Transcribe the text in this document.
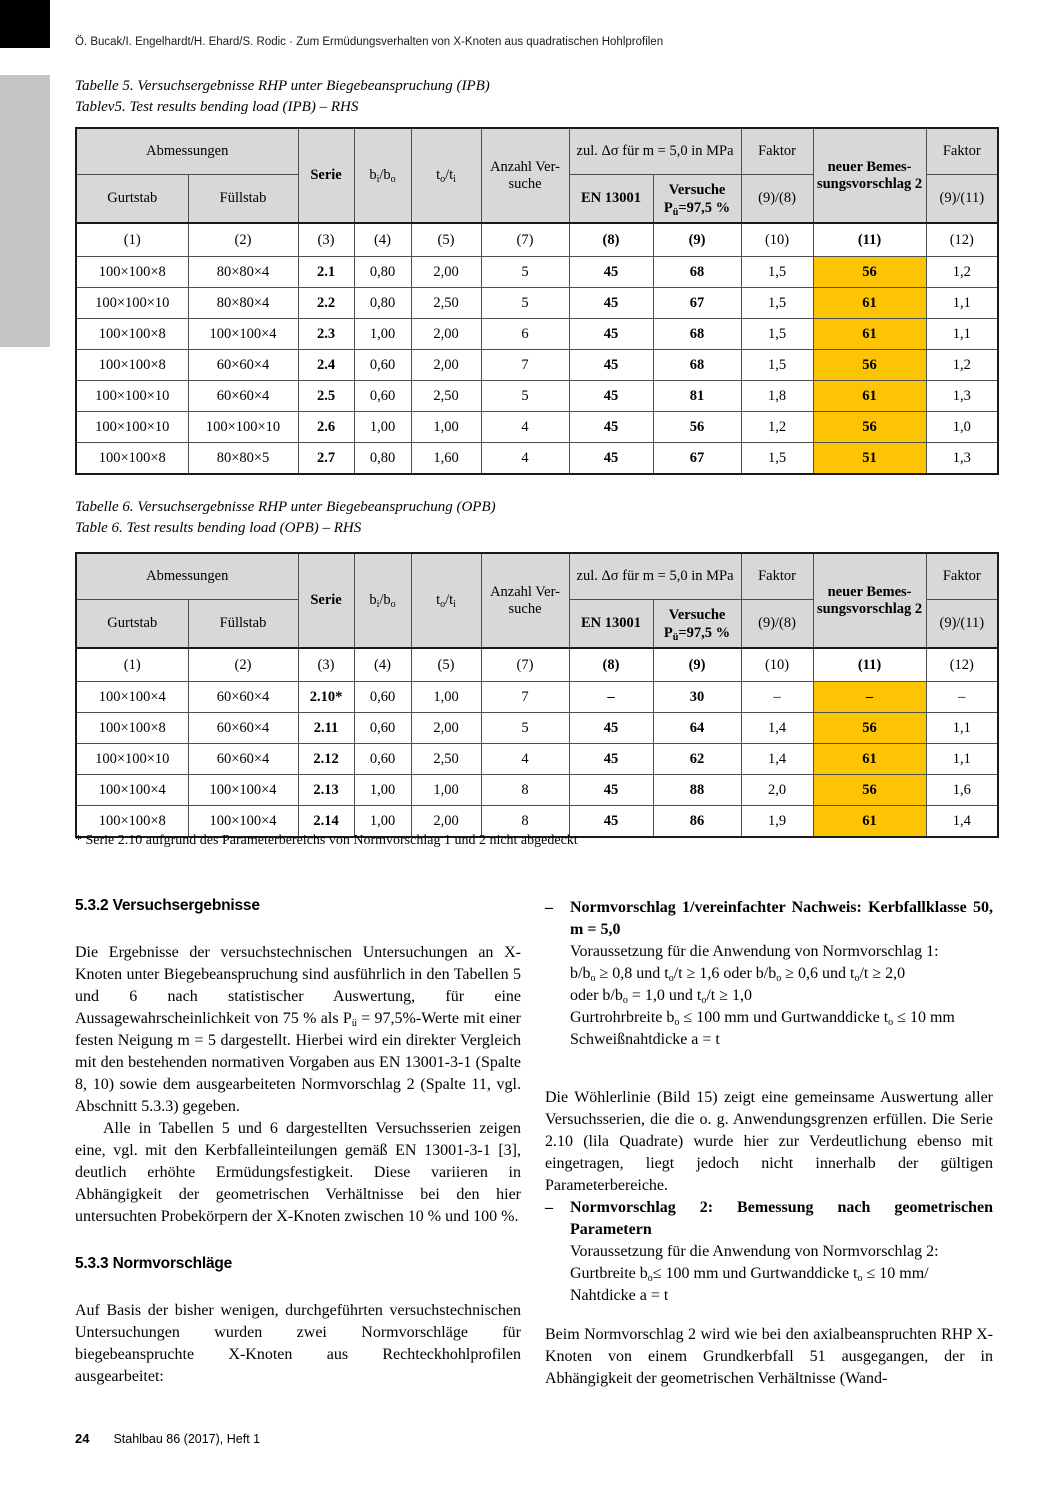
Ö. Bucak/I. Engelhardt/H. Ehard/S. Rodic · Zum Ermüdungsverhalten von X-Knoten aus quadratischen Hohlprofilen
Tabelle 5. Versuchsergebnisse RHP unter Biegebeanspruchung (IPB)
Tablev5. Test results bending load (IPB) – RHS
Abmessungen		Serie	$b_i/b_o$	$t_o/t_i$	Anzahl Ver-suche	zul. Δσ für m = 5,0 in MPa		Faktor	neuer Bemes-sungsvorschlag 2	Faktor
Gurtstab	Füllstab					EN 13001	Versuche
$P_ü=97,5$ %	(9)/(8)		(9)/(11)
(1)	(2)	(3)	(4)	(5)	(7)	(8)	(9)	(10)	(11)	(12)
100×100×8	80×80×4	2.1	0,80	2,00	5	45	68	1,5	56	1,2
100×100×10	80×80×4	2.2	0,80	2,50	5	45	67	1,5	61	1,1
100×100×8	100×100×4	2.3	1,00	2,00	6	45	68	1,5	61	1,1
100×100×8	60×60×4	2.4	0,60	2,00	7	45	68	1,5	56	1,2
100×100×10	60×60×4	2.5	0,60	2,50	5	45	81	1,8	61	1,3
100×100×10	100×100×10	2.6	1,00	1,00	4	45	56	1,2	56	1,0
100×100×8	80×80×5	2.7	0,80	1,60	4	45	67	1,5	51	1,3
Tabelle 6. Versuchsergebnisse RHP unter Biegebeanspruchung (OPB)
Table 6. Test results bending load (OPB) – RHS
Abmessungen		Serie	$b_i/b_o$	$t_o/t_i$	Anzahl Ver-suche	zul. Δσ für m = 5,0 in MPa		Faktor	neuer Bemes-sungsvorschlag 2	Faktor
Gurtstab	Füllstab					EN 13001	Versuche
$P_ü=97,5$ %	(9)/(8)		(9)/(11)
(1)	(2)	(3)	(4)	(5)	(7)	(8)	(9)	(10)	(11)	(12)
100×100×4	60×60×4	2.10*	0,60	1,00	7	–	30	–	–	–
100×100×8	60×60×4	2.11	0,60	2,00	5	45	64	1,4	56	1,1
100×100×10	60×60×4	2.12	0,60	2,50	4	45	62	1,4	61	1,1
100×100×4	100×100×4	2.13	1,00	1,00	8	45	88	2,0	56	1,6
100×100×8	100×100×4	2.14	1,00	2,00	8	45	86	1,9	61	1,4
* Serie 2.10 aufgrund des Parameterbereichs von Normvorschlag 1 und 2 nicht abgedeckt
5.3.2 Versuchsergebnisse

Die Ergebnisse der versuchstechnischen Untersuchungen an X-Knoten unter Biegebeanspruchung sind ausführlich in den Tabellen 5 und 6 nach statistischer Auswertung, für eine Aussagewahrscheinlichkeit von 75 % als $P_ü$ = 97,5%-Werte mit einer festen Neigung m = 5 dargestellt. Hierbei wird ein direkter Vergleich mit den bestehenden normativen Vorgaben aus EN 13001-3-1 (Spalte 8, 10) sowie dem ausgearbeiteten Normvorschlag 2 (Spalte 11, vgl. Abschnitt 5.3.3) gegeben.

Alle in Tabellen 5 und 6 dargestellten Versuchsserien zeigen eine, vgl. mit den Kerbfalleinteilungen gemäß EN 13001-3-1 [3], deutlich erhöhte Ermüdungsfestigkeit. Diese variieren in Abhängigkeit der geometrischen Verhältnisse bei den hier untersuchten Probekörpern der X-Knoten zwischen 10 % und 100 %.

5.3.3 Normvorschläge

Auf Basis der bisher wenigen, durchgeführten versuchstechnischen Untersuchungen wurden zwei Normvorschläge für biegebeanspruchte X-Knoten aus Rechteckhohlprofilen ausgearbeitet:

–	Normvorschlag 1/vereinfachter Nachweis: Kerbfallklasse 50, m = 5,0
Voraussetzung für die Anwendung von Normvorschlag 1:
$b/b_o \ge 0,8$ und $t_o/t \ge 1,6$ oder $b/b_o \ge 0,6$ und $t_o/t \ge 2,0$
oder $b/b_o = 1,0$ und $t_o/t \ge 1,0$
Gurtrohrbreite $b_o \le 100$ mm und Gurtwanddicke $t_o \le 10$ mm
Schweißnahtdicke a = t

Die Wöhlerlinie (Bild 15) zeigt eine gemeinsame Auswertung aller Versuchsserien, die die o. g. Anwendungsgrenzen erfüllen. Die Serie 2.10 (lila Quadrate) wurde hier zur Verdeutlichung ebenso mit eingetragen, liegt jedoch nicht innerhalb der gültigen Parameterbereiche.

–	Normvorschlag 2: Bemessung nach geometrischen Parametern
Voraussetzung für die Anwendung von Normvorschlag 2:
Gurtbreite $b_o\le 100$ mm und Gurtwanddicke $t_o \le 10$ mm/
Nahtdicke a = t

Beim Normvorschlag 2 wird wie bei den axialbeanspruchten RHP X-Knoten von einem Grundkerbfall 51 ausgegangen, der in Abhängigkeit der geometrischen Verhältnisse (Wand-

24 Stahlbau 86 (2017), Heft 1
